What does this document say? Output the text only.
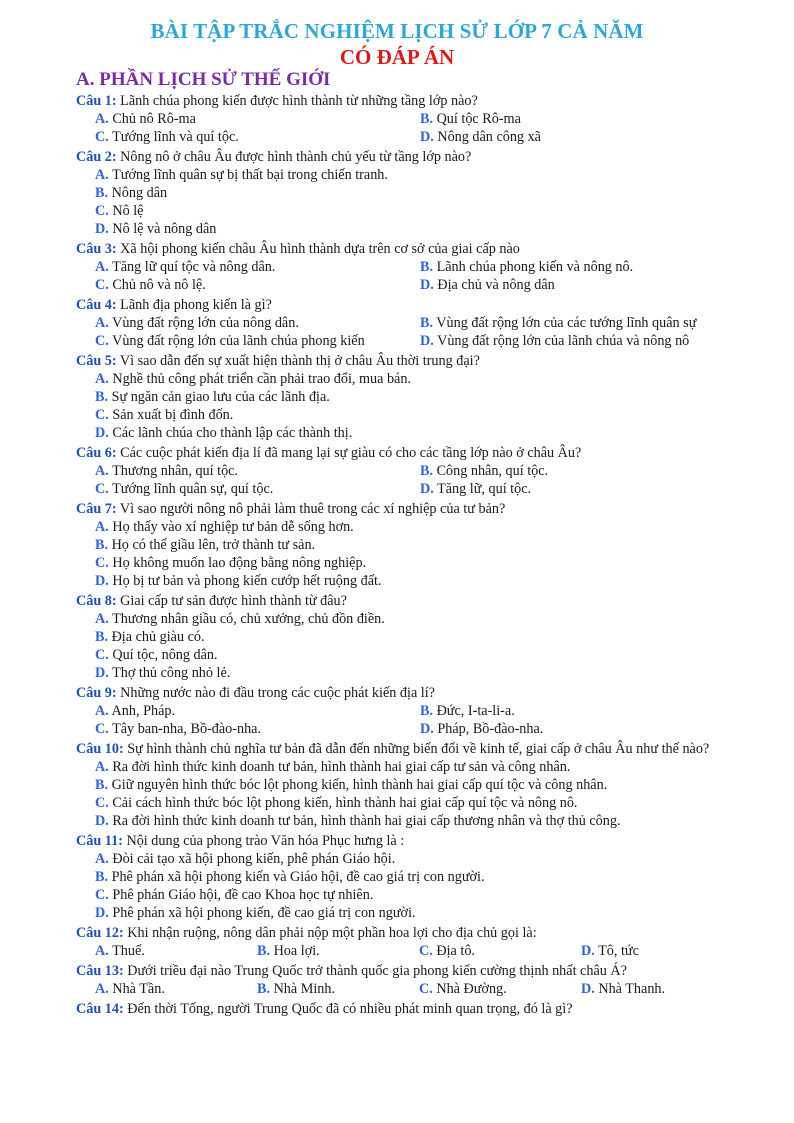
BÀI TẬP TRẮC NGHIỆM LỊCH SỬ LỚP 7 CẢ NĂM
CÓ ĐÁP ÁN
A. PHẦN LỊCH SỬ THẾ GIỚI
Câu 1: Lãnh chúa phong kiến được hình thành từ những tầng lớp nào?
A. Chủ nô Rô-ma	B. Quí tộc Rô-ma
C. Tướng lĩnh và quí tộc.	D. Nông dân công xã
Câu 2: Nông nô ở châu Âu được hình thành chủ yếu từ tầng lớp nào?
A. Tướng lĩnh quân sự bị thất bại trong chiến tranh.
B. Nông dân
C. Nô lệ
D. Nô lệ và nông dân
Câu 3: Xã hội phong kiến châu Âu hình thành dựa trên cơ sở của giai cấp nào
A. Tăng lữ quí tộc và nông dân.	B. Lãnh chúa phong kiến và nông nô.
C. Chủ nô và nô lệ.	D. Địa chủ và nông dân
Câu 4: Lãnh địa phong kiến là gì?
A. Vùng đất rộng lớn của nông dân.	B. Vùng đất rộng lớn của các tướng lĩnh quân sự
C. Vùng đất rộng lớn của lãnh chúa phong kiến	D. Vùng đất rộng lớn của lãnh chúa và nông nô
Câu 5: Vì sao dẫn đến sự xuất hiện thành thị ở châu Âu thời trung đại?
A. Nghề thủ công phát triển cần phải trao đổi, mua bán.
B. Sự ngăn cản giao lưu của các lãnh địa.
C. Sản xuất bị đình đốn.
D. Các lãnh chúa cho thành lập các thành thị.
Câu 6: Các cuộc phát kiến địa lí đã mang lại sự giàu có cho các tầng lớp nào ở châu Âu?
A. Thương nhân, quí tộc.	B. Công nhân, quí tộc.
C. Tướng lĩnh quân sự, quí tộc.	D. Tăng lữ, quí tộc.
Câu 7: Vì sao người nông nô phải làm thuê trong các xí nghiệp của tư bản?
A. Họ thấy vào xí nghiệp tư bản dễ sống hơn.
B. Họ có thể giầu lên, trở thành tư sản.
C. Họ không muốn lao động bằng nông nghiệp.
D. Họ bị tư bản và phong kiến cướp hết ruộng đất.
Câu 8: Giai cấp tư sản được hình thành từ đâu?
A. Thương nhân giầu có, chủ xưởng, chủ đồn điền.
B. Địa chủ giàu có.
C. Quí tộc, nông dân.
D. Thợ thủ công nhỏ lẻ.
Câu 9: Những nước nào đi đầu trong các cuộc phát kiến địa lí?
A. Anh, Pháp.	B. Đức, I-ta-li-a.
C. Tây ban-nha, Bồ-đào-nha.	D. Pháp, Bồ-đào-nha.
Câu 10: Sự hình thành chủ nghĩa tư bản đã dẫn đến những biến đổi về kinh tế, giai cấp ở châu Âu như thế nào?
A. Ra đời hình thức kinh doanh tư bản, hình thành hai giai cấp tư sản và công nhân.
B. Giữ nguyên hình thức bóc lột phong kiến, hình thành hai giai cấp quí tộc và công nhân.
C. Cải cách hình thức bóc lột phong kiến, hình thành hai giai cấp quí tộc và nông nô.
D. Ra đời hình thức kinh doanh tư bản, hình thành hai giai cấp thương nhân và thợ thủ công.
Câu 11: Nội dung của phong trào Văn hóa Phục hưng là :
A. Đòi cải tạo xã hội phong kiến, phê phán Giáo hội.
B. Phê phán xã hội phong kiến và Giáo hội, đề cao giá trị con người.
C. Phê phán Giáo hội, đề cao Khoa học tự nhiên.
D. Phê phán xã hội phong kiến, đề cao giá trị con người.
Câu 12: Khi nhận ruộng, nông dân phải nộp một phần hoa lợi cho địa chủ gọi là:
A. Thuế.	B. Hoa lợi.	C. Địa tô.	D. Tô, tức
Câu 13: Dưới triều đại nào Trung Quốc trở thành quốc gia phong kiến cường thịnh nhất châu Á?
A. Nhà Tần.	B. Nhà Minh.	C. Nhà Đường.	D. Nhà Thanh.
Câu 14: Đến thời Tống, người Trung Quốc đã có nhiều phát minh quan trọng, đó là gì?
